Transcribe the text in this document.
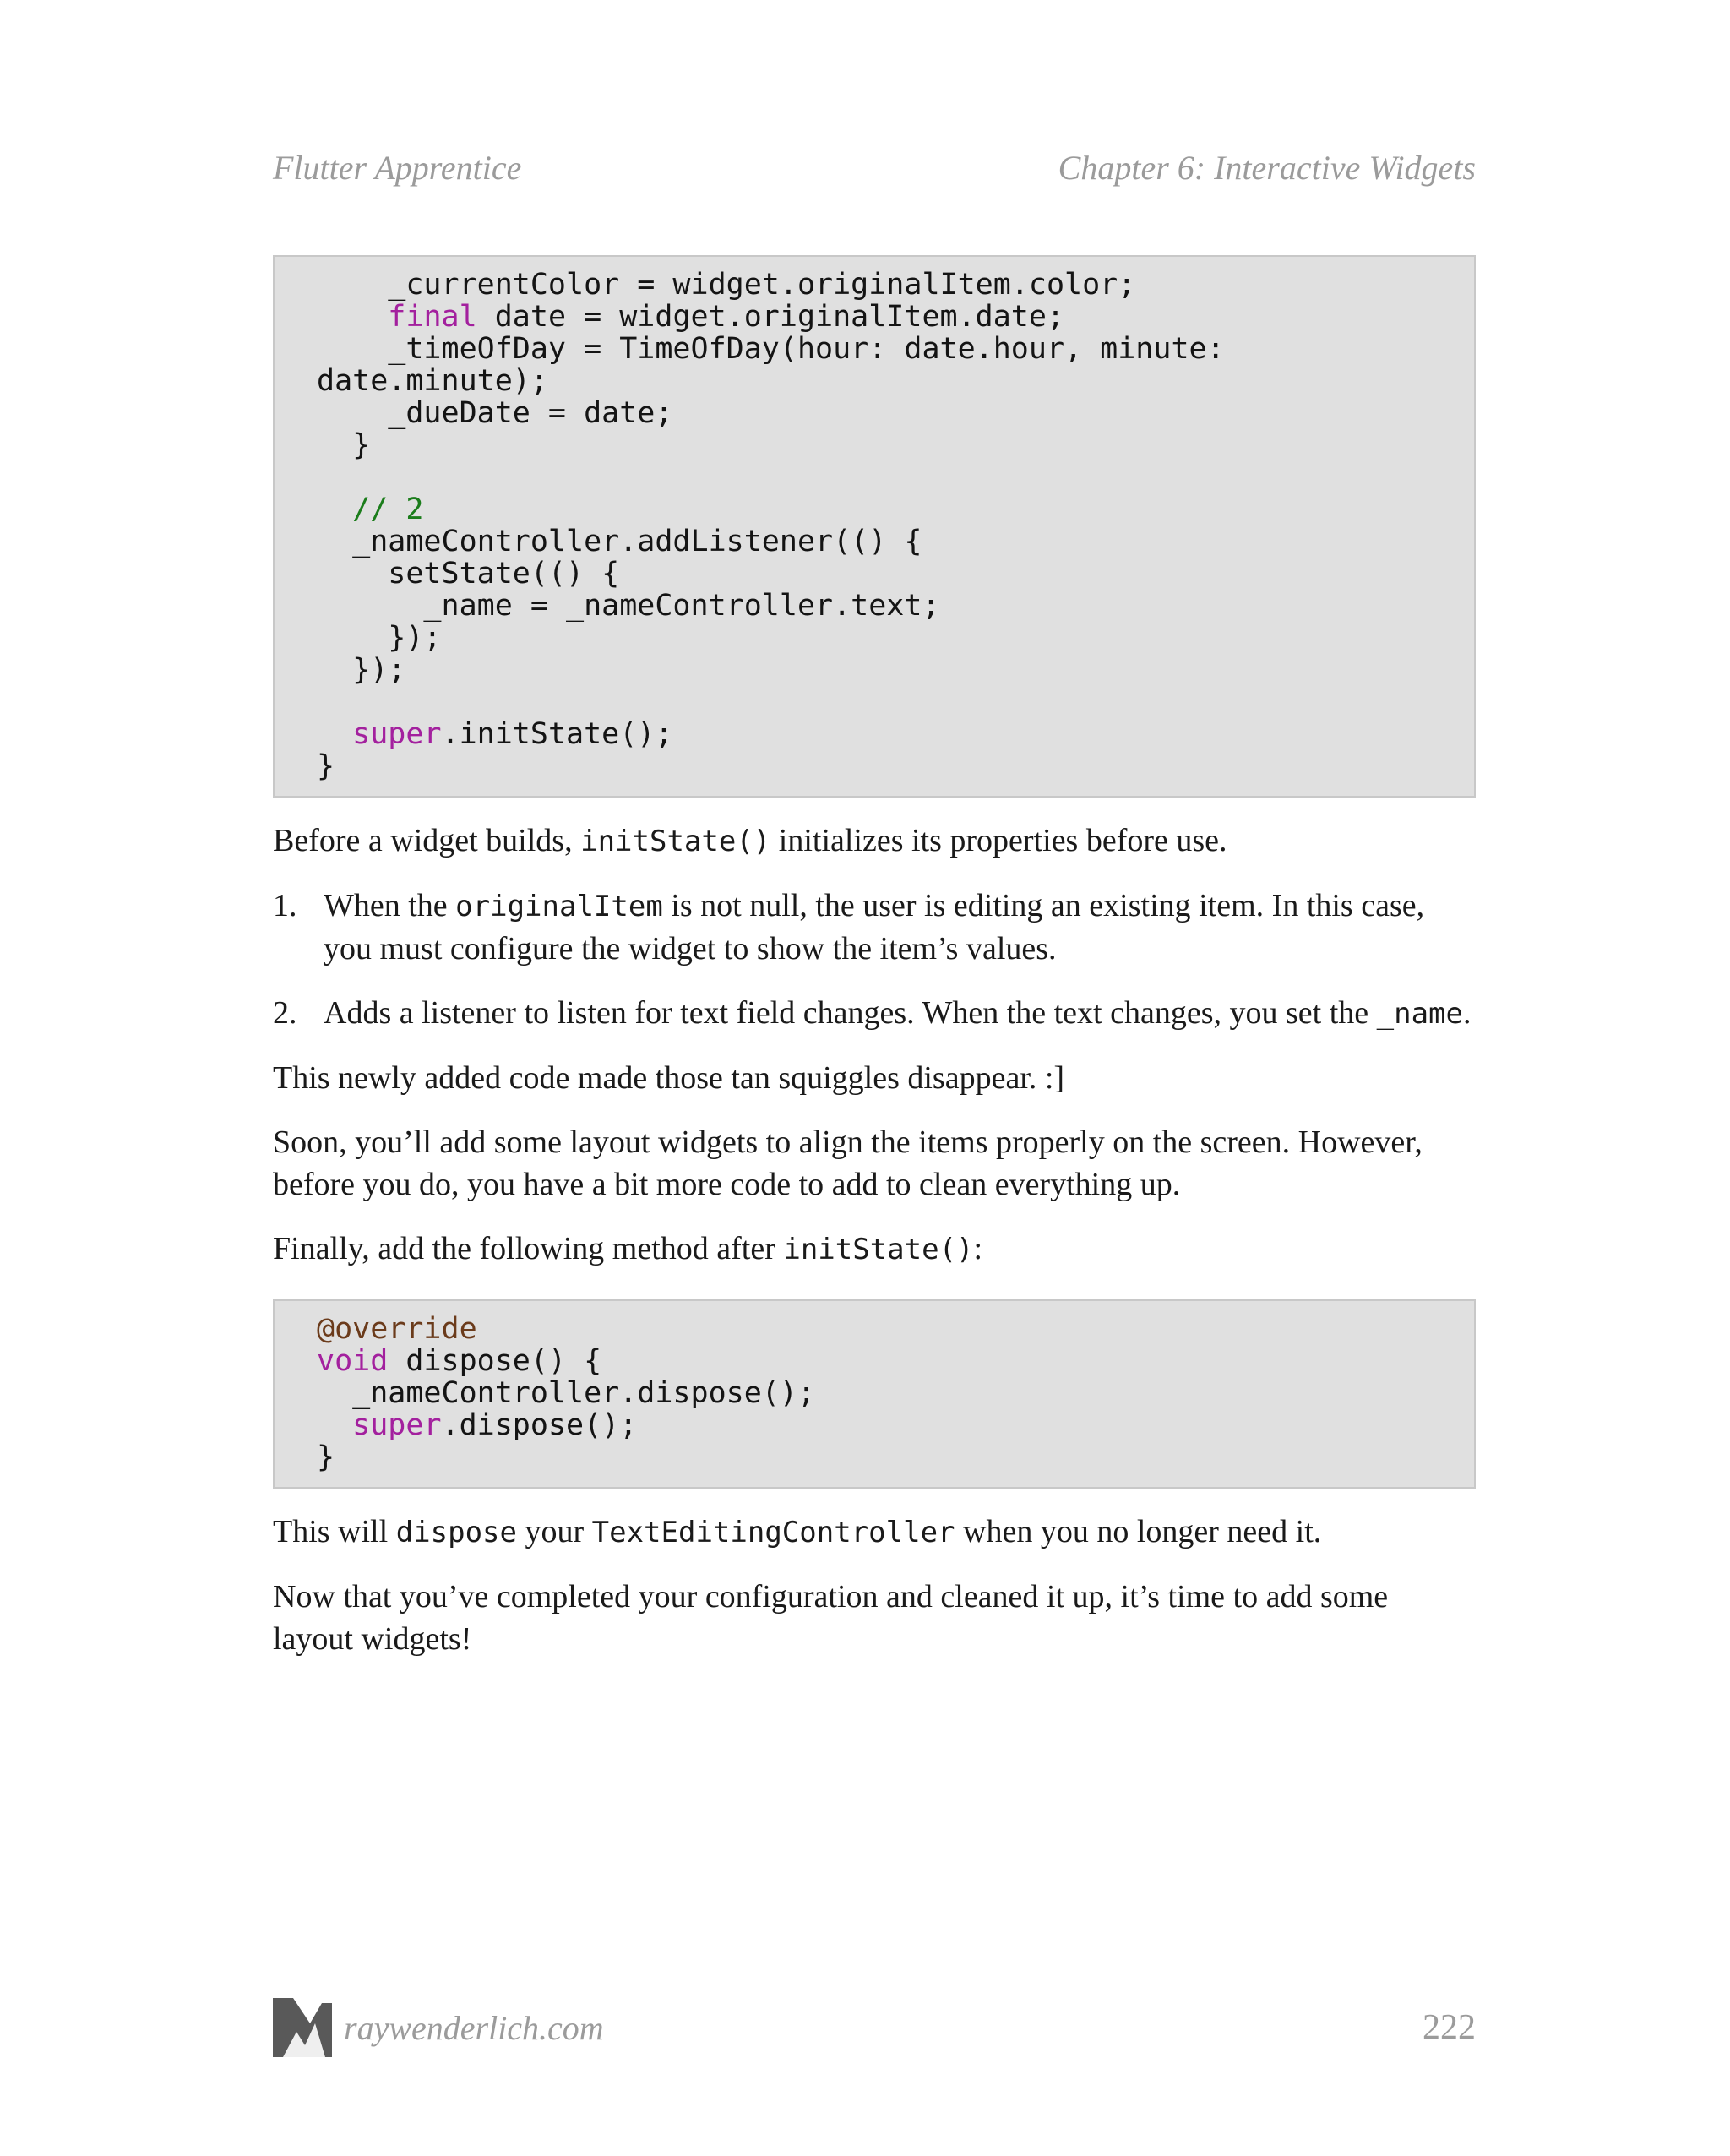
Flutter Apprentice	Chapter 6: Interactive Widgets
_currentColor = widget.originalItem.color;
final date = widget.originalItem.date;
_timeOfDay = TimeOfDay(hour: date.hour, minute:
date.minute);
_dueDate = date;
}
// 2
_nameController.addListener(() {
setState(() {
_name = _nameController.text;
});
});
super.initState();
}

Before a widget builds, initState() initializes its properties before use.

1. When the originalItem is not null, the user is editing an existing item. In this case, you must configure the widget to show the item’s values.
2. Adds a listener to listen for text field changes. When the text changes, you set the _name.

This newly added code made those tan squiggles disappear. :]

Soon, you’ll add some layout widgets to align the items properly on the screen. However, before you do, you have a bit more code to add to clean everything up.

Finally, add the following method after initState():

@override
void dispose() {
_nameController.dispose();
super.dispose();
}

This will dispose your TextEditingController when you no longer need it.

Now that you’ve completed your configuration and cleaned it up, it’s time to add some layout widgets!

raywenderlich.com	222
